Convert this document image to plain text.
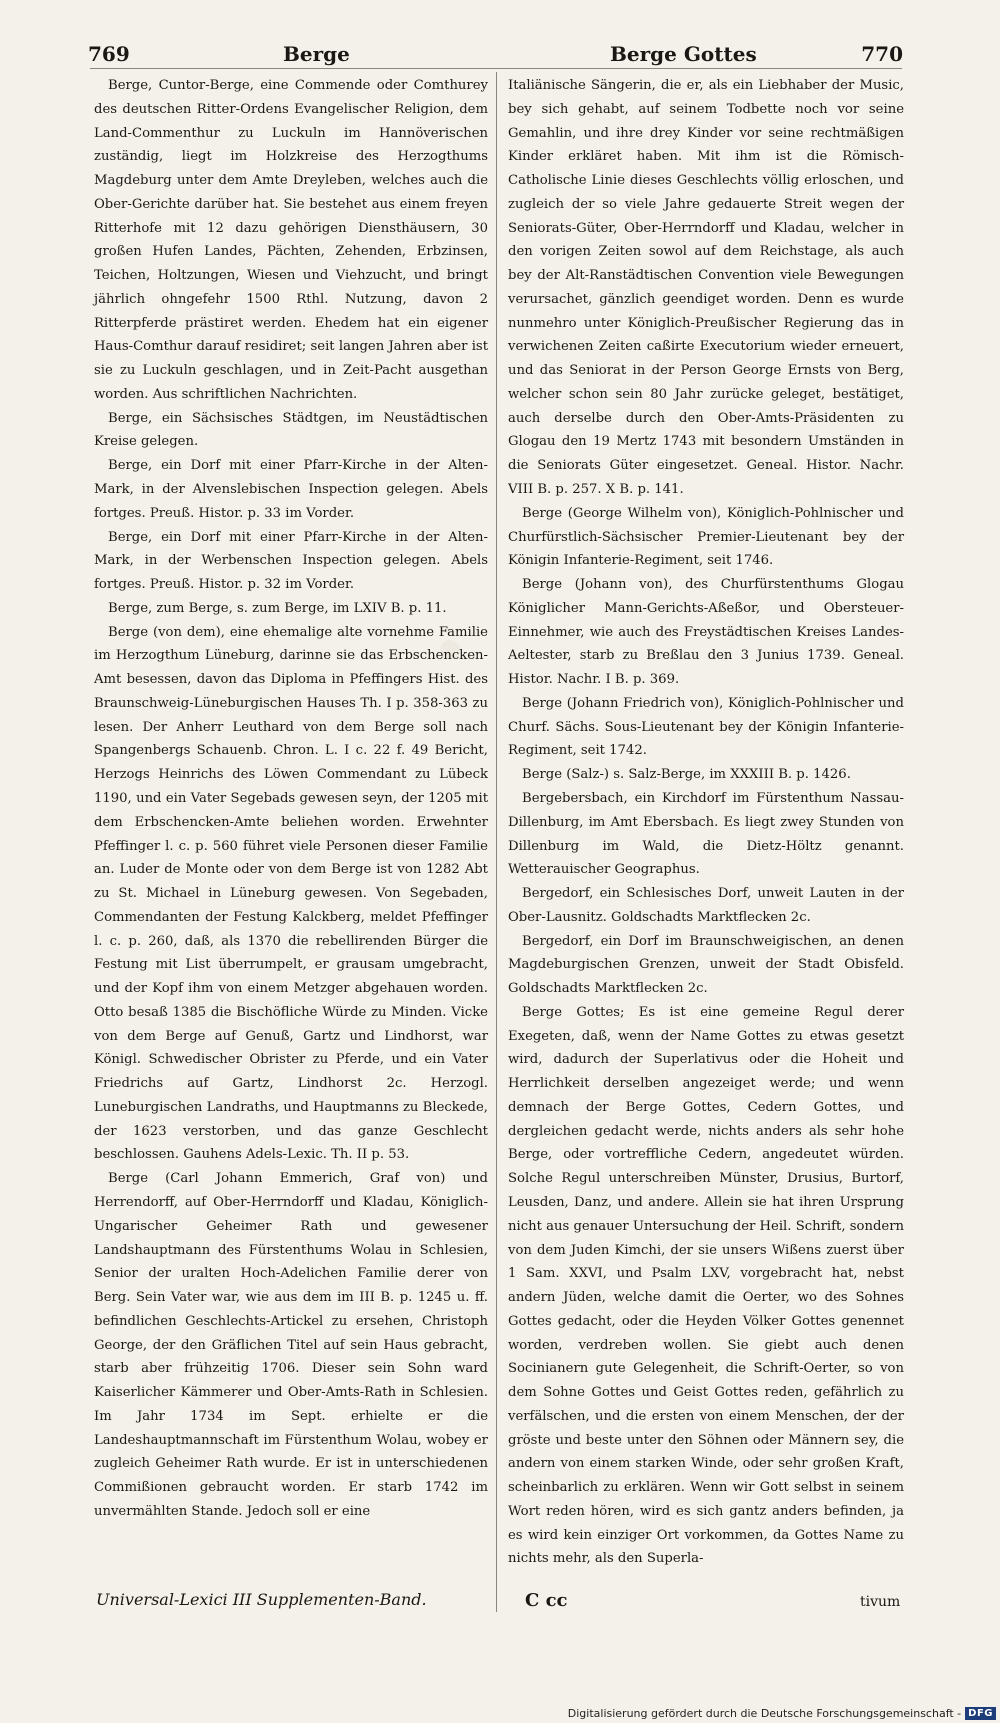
769	Berge	Berge Gottes	770

Berge, Cuntor-Berge, eine Commende oder Comthurey des deutschen Ritter-Ordens Evangelischer Religion, dem Land-Commenthur zu Luckuln im Hannöverischen zuständig, liegt im Holzkreise des Herzogthums Magdeburg unter dem Amte Dreyleben, welches auch die Ober-Gerichte darüber hat. Sie bestehet aus einem freyen Ritterhofe mit 12 dazu gehörigen Diensthäusern, 30 großen Hufen Landes, Pächten, Zehenden, Erbzinsen, Teichen, Holtzungen, Wiesen und Viehzucht, und bringt jährlich ohngefehr 1500 Rthl. Nutzung, davon 2 Ritterpferde prästiret werden. Ehedem hat ein eigener Haus-Comthur darauf residiret; seit langen Jahren aber ist sie zu Luckuln geschlagen, und in Zeit-Pacht ausgethan worden. Aus schriftlichen Nachrichten.

Berge, ein Sächsisches Städtgen, im Neustädtischen Kreise gelegen.

Berge, ein Dorf mit einer Pfarr-Kirche in der Alten-Mark, in der Alvenslebischen Inspection gelegen. Abels fortges. Preuß. Histor. p. 33 im Vorder.

Berge, ein Dorf mit einer Pfarr-Kirche in der Alten-Mark, in der Werbenschen Inspection gelegen. Abels fortges. Preuß. Histor. p. 32 im Vorder.

Berge, zum Berge, s. zum Berge, im LXIV B. p. 11.

Berge (von dem), eine ehemalige alte vornehme Familie im Herzogthum Lüneburg, darinne sie das Erbschencken-Amt besessen, davon das Diploma in Pfeffingers Hist. des Braunschweig-Lüneburgischen Hauses Th. I p. 358-363 zu lesen. Der Anherr Leuthard von dem Berge soll nach Spangenbergs Schauenb. Chron. L. I c. 22 f. 49 Bericht, Herzogs Heinrichs des Löwen Commendant zu Lübeck 1190, und ein Vater Segebads gewesen seyn, der 1205 mit dem Erbschencken-Amte beliehen worden. Erwehnter Pfeffinger l. c. p. 560 führet viele Personen dieser Familie an. Luder de Monte oder von dem Berge ist von 1282 Abt zu St. Michael in Lüneburg gewesen. Von Segebaden, Commendanten der Festung Kalckberg, meldet Pfeffinger l. c. p. 260, daß, als 1370 die rebellirenden Bürger die Festung mit List überrumpelt, er grausam umgebracht, und der Kopf ihm von einem Metzger abgehauen worden. Otto besaß 1385 die Bischöfliche Würde zu Minden. Vicke von dem Berge auf Genuß, Gartz und Lindhorst, war Königl. Schwedischer Obrister zu Pferde, und ein Vater Friedrichs auf Gartz, Lindhorst 2c. Herzogl. Luneburgischen Landraths, und Hauptmanns zu Bleckede, der 1623 verstorben, und das ganze Geschlecht beschlossen. Gauhens Adels-Lexic. Th. II p. 53.

Berge (Carl Johann Emmerich, Graf von) und Herrendorff, auf Ober-Herrndorff und Kladau, Königlich-Ungarischer Geheimer Rath und gewesener Landshauptmann des Fürstenthums Wolau in Schlesien, Senior der uralten Hoch-Adelichen Familie derer von Berg. Sein Vater war, wie aus dem im III B. p. 1245 u. ff. befindlichen Geschlechts-Artickel zu ersehen, Christoph George, der den Gräflichen Titel auf sein Haus gebracht, starb aber frühzeitig 1706. Dieser sein Sohn ward Kaiserlicher Kämmerer und Ober-Amts-Rath in Schlesien. Im Jahr 1734 im Sept. erhielte er die Landeshauptmannschaft im Fürstenthum Wolau, wobey er zugleich Geheimer Rath wurde. Er ist in unterschiedenen Commißionen gebraucht worden. Er starb 1742 im unvermählten Stande. Jedoch soll er eine

Italiänische Sängerin, die er, als ein Liebhaber der Music, bey sich gehabt, auf seinem Todbette noch vor seine Gemahlin, und ihre drey Kinder vor seine rechtmäßigen Kinder erkläret haben. Mit ihm ist die Römisch-Catholische Linie dieses Geschlechts völlig erloschen, und zugleich der so viele Jahre gedauerte Streit wegen der Seniorats-Güter, Ober-Herrndorff und Kladau, welcher in den vorigen Zeiten sowol auf dem Reichstage, als auch bey der Alt-Ranstädtischen Convention viele Bewegungen verursachet, gänzlich geendiget worden. Denn es wurde nunmehro unter Königlich-Preußischer Regierung das in verwichenen Zeiten caßirte Executorium wieder erneuert, und das Seniorat in der Person George Ernsts von Berg, welcher schon sein 80 Jahr zurücke geleget, bestätiget, auch derselbe durch den Ober-Amts-Präsidenten zu Glogau den 19 Mertz 1743 mit besondern Umständen in die Seniorats Güter eingesetzet. Geneal. Histor. Nachr. VIII B. p. 257. X B. p. 141.

Berge (George Wilhelm von), Königlich-Pohlnischer und Churfürstlich-Sächsischer Premier-Lieutenant bey der Königin Infanterie-Regiment, seit 1746.

Berge (Johann von), des Churfürstenthums Glogau Königlicher Mann-Gerichts-Aßeßor, und Obersteuer-Einnehmer, wie auch des Freystädtischen Kreises Landes-Aeltester, starb zu Breßlau den 3 Junius 1739. Geneal. Histor. Nachr. I B. p. 369.

Berge (Johann Friedrich von), Königlich-Pohlnischer und Churf. Sächs. Sous-Lieutenant bey der Königin Infanterie-Regiment, seit 1742.

Berge (Salz-) s. Salz-Berge, im XXXIII B. p. 1426.

Bergebersbach, ein Kirchdorf im Fürstenthum Nassau-Dillenburg, im Amt Ebersbach. Es liegt zwey Stunden von Dillenburg im Wald, die Dietz-Höltz genannt. Wetterauischer Geographus.

Bergedorf, ein Schlesisches Dorf, unweit Lauten in der Ober-Lausnitz. Goldschadts Marktflecken 2c.

Bergedorf, ein Dorf im Braunschweigischen, an denen Magdeburgischen Grenzen, unweit der Stadt Obisfeld. Goldschadts Marktflecken 2c.

Berge Gottes; Es ist eine gemeine Regul derer Exegeten, daß, wenn der Name Gottes zu etwas gesetzt wird, dadurch der Superlativus oder die Hoheit und Herrlichkeit derselben angezeiget werde; und wenn demnach der Berge Gottes, Cedern Gottes, und dergleichen gedacht werde, nichts anders als sehr hohe Berge, oder vortreffliche Cedern, angedeutet würden. Solche Regul unterschreiben Münster, Drusius, Burtorf, Leusden, Danz, und andere. Allein sie hat ihren Ursprung nicht aus genauer Untersuchung der Heil. Schrift, sondern von dem Juden Kimchi, der sie unsers Wißens zuerst über 1 Sam. XXVI, und Psalm LXV, vorgebracht hat, nebst andern Jüden, welche damit die Oerter, wo des Sohnes Gottes gedacht, oder die Heyden Völker Gottes genennet worden, verdreben wollen. Sie giebt auch denen Socinianern gute Gelegenheit, die Schrift-Oerter, so von dem Sohne Gottes und Geist Gottes reden, gefährlich zu verfälschen, und die ersten von einem Menschen, der der gröste und beste unter den Söhnen oder Männern sey, die andern von einem starken Winde, oder sehr großen Kraft, scheinbarlich zu erklären. Wenn wir Gott selbst in seinem Wort reden hören, wird es sich gantz anders befinden, ja es wird kein einziger Ort vorkommen, da Gottes Name zu nichts mehr, als den Superla-

Universal-Lexici III Supplementen-Band.	C cc	tivum
Digitalisierung gefördert durch die Deutsche Forschungsgemeinschaft - DFG
